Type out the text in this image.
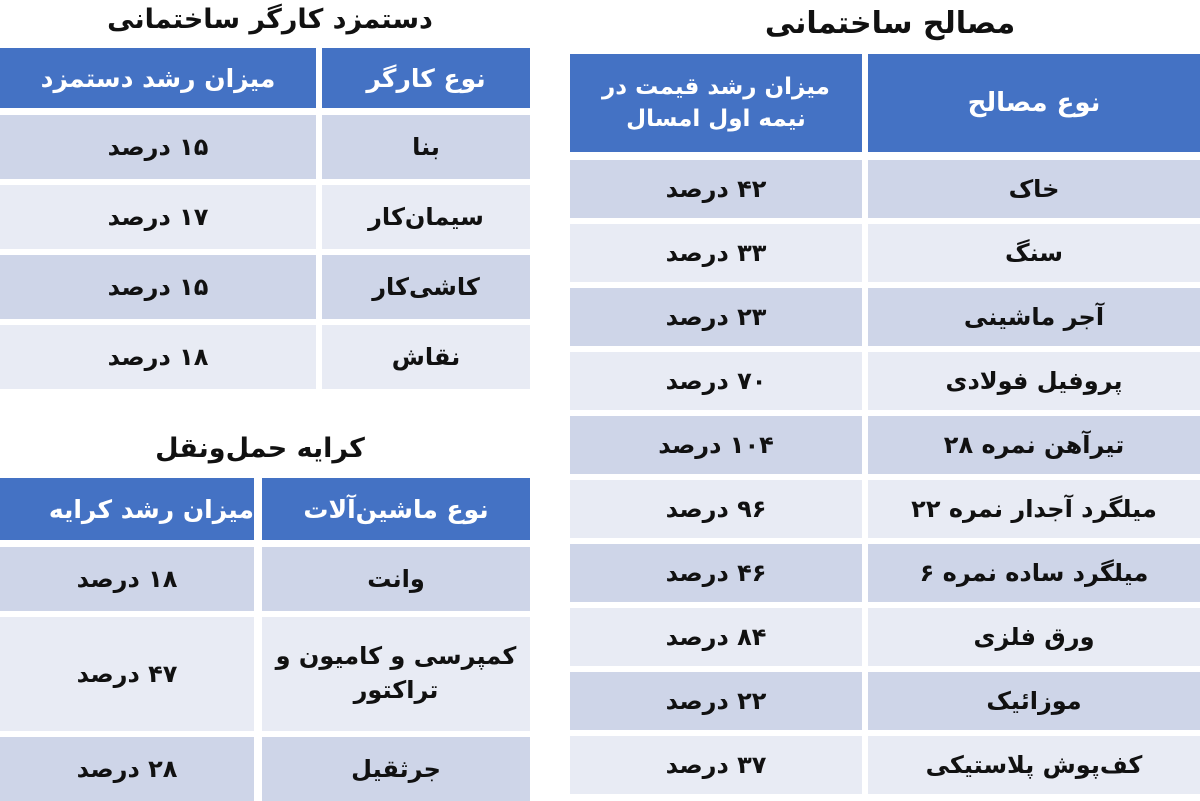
مصالح ساختمانی
نوع مصالح
میزان رشد قیمت در نیمه اول امسال
خاک
۴۲ درصد
سنگ
۳۳ درصد
آجر ماشینی
۲۳ درصد
پروفیل فولادی
۷۰ درصد
تیرآهن نمره ۲۸
۱۰۴ درصد
میلگرد آجدار نمره ۲۲
۹۶ درصد
میلگرد ساده نمره ۶
۴۶ درصد
ورق فلزی
۸۴ درصد
موزائیک
۲۲ درصد
کف‌پوش پلاستیکی
۳۷ درصد
دستمزد کارگر ساختمانی
نوع کارگر
میزان رشد دستمزد
بنا
۱۵ درصد
سیمان‌کار
۱۷ درصد
کاشی‌کار
۱۵ درصد
نقاش
۱۸ درصد
کرایه حمل‌ونقل
نوع ماشین‌آلات
میزان رشد کرایه
وانت
۱۸ درصد
کمپرسی و کامیون و تراکتور
۴۷ درصد
جرثقیل
۲۸ درصد
